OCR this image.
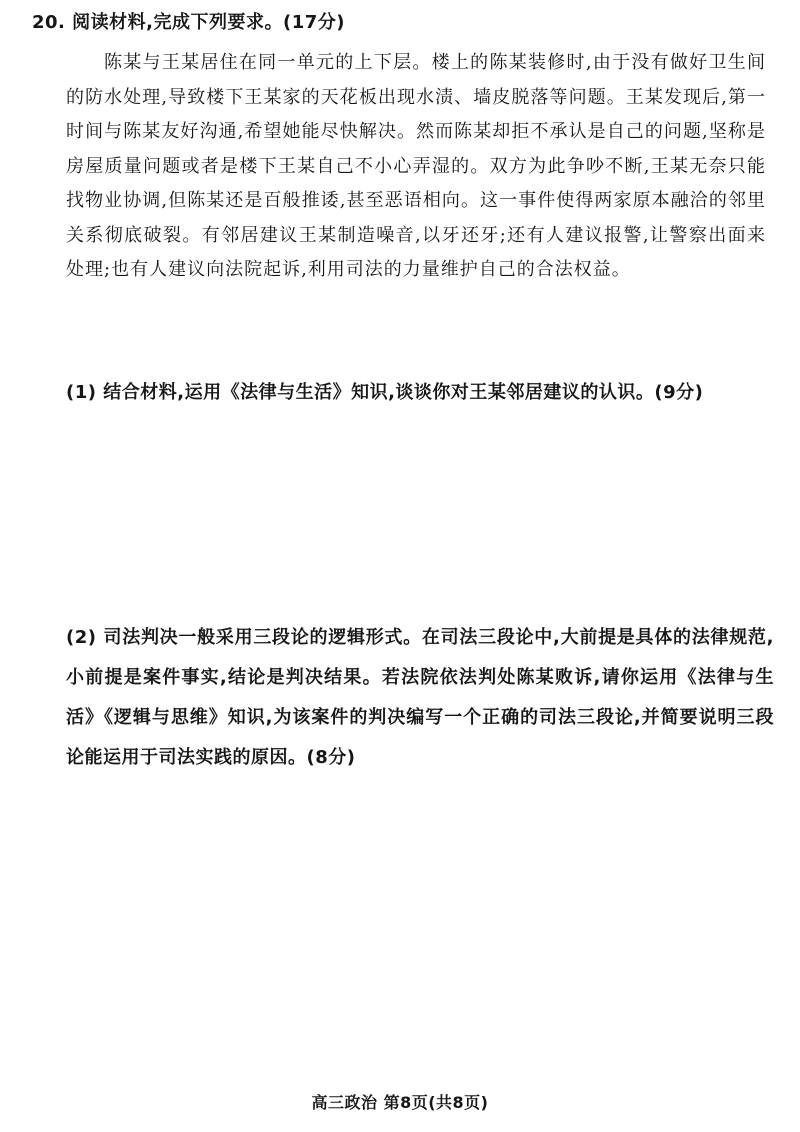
20. 阅读材料,完成下列要求。(17分)

陈某与王某居住在同一单元的上下层。楼上的陈某装修时,由于没有做好卫生间的防水处理,导致楼下王某家的天花板出现水渍、墙皮脱落等问题。王某发现后,第一时间与陈某友好沟通,希望她能尽快解决。然而陈某却拒不承认是自己的问题,坚称是房屋质量问题或者是楼下王某自己不小心弄湿的。双方为此争吵不断,王某无奈只能找物业协调,但陈某还是百般推诿,甚至恶语相向。这一事件使得两家原本融洽的邻里关系彻底破裂。有邻居建议王某制造噪音,以牙还牙;还有人建议报警,让警察出面来处理;也有人建议向法院起诉,利用司法的力量维护自己的合法权益。

(1) 结合材料,运用《法律与生活》知识,谈谈你对王某邻居建议的认识。(9分)

(2) 司法判决一般采用三段论的逻辑形式。在司法三段论中,大前提是具体的法律规范,小前提是案件事实,结论是判决结果。若法院依法判处陈某败诉,请你运用《法律与生活》《逻辑与思维》知识,为该案件的判决编写一个正确的司法三段论,并简要说明三段论能运用于司法实践的原因。(8分)

高三政治 第8页(共8页)
